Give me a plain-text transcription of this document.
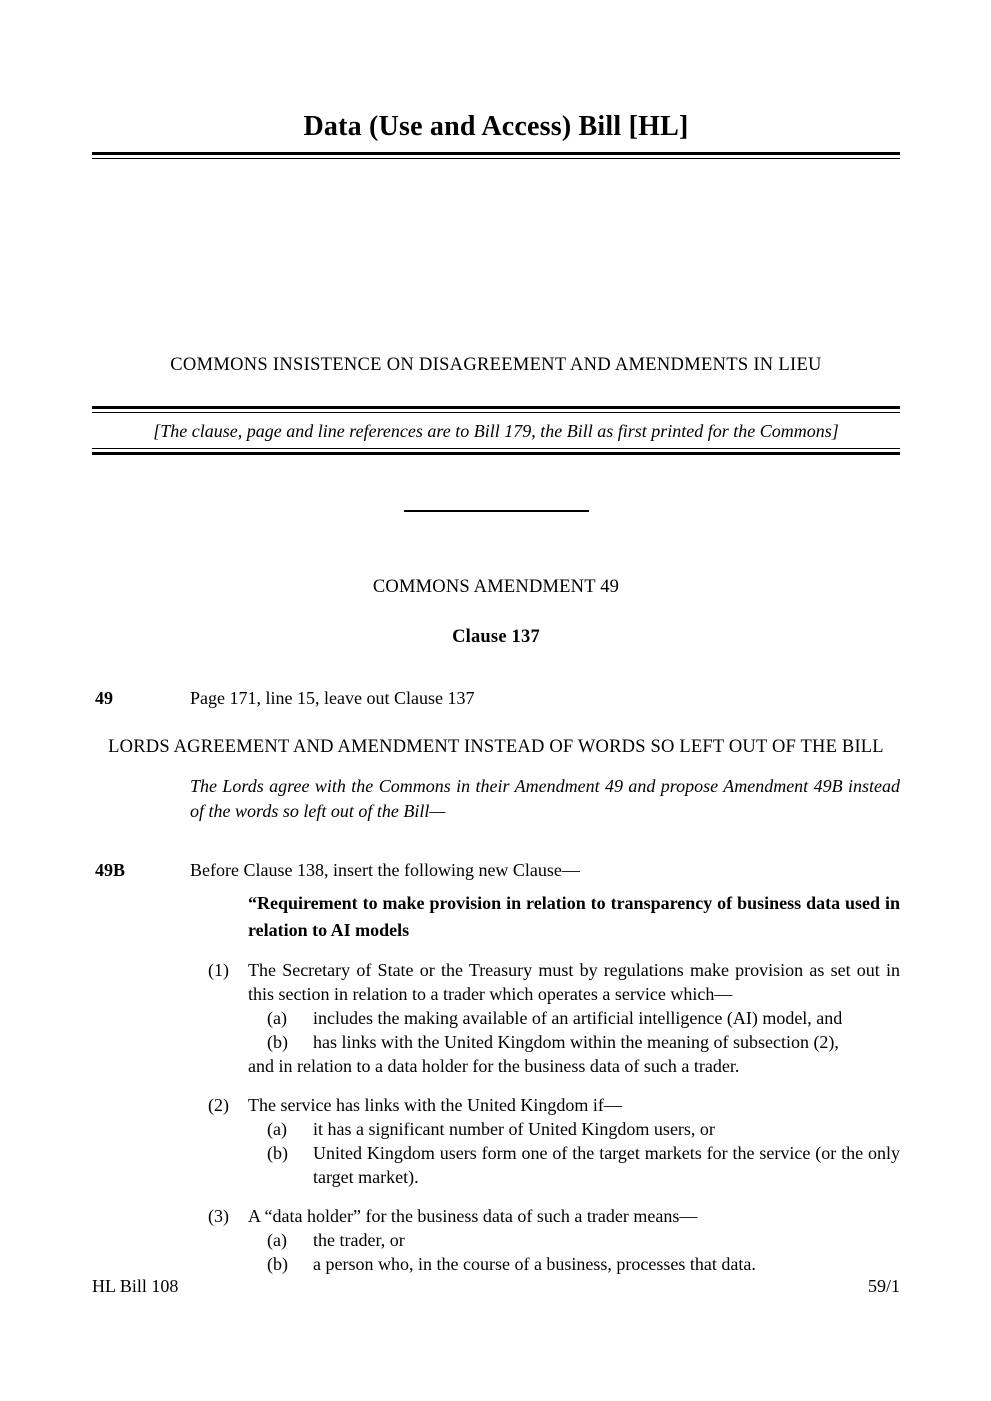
Data (Use and Access) Bill [HL]
COMMONS INSISTENCE ON DISAGREEMENT AND AMENDMENTS IN LIEU
[The clause, page and line references are to Bill 179, the Bill as first printed for the Commons]
COMMONS AMENDMENT 49
Clause 137
49	Page 171, line 15, leave out Clause 137
LORDS AGREEMENT AND AMENDMENT INSTEAD OF WORDS SO LEFT OUT OF THE BILL
The Lords agree with the Commons in their Amendment 49 and propose Amendment 49B instead of the words so left out of the Bill—
49B	Before Clause 138, insert the following new Clause—
“Requirement to make provision in relation to transparency of business data used in relation to AI models
(1)	The Secretary of State or the Treasury must by regulations make provision as set out in this section in relation to a trader which operates a service which—
(a)	includes the making available of an artificial intelligence (AI) model, and
(b)	has links with the United Kingdom within the meaning of subsection (2),
and in relation to a data holder for the business data of such a trader.
(2)	The service has links with the United Kingdom if—
(a)	it has a significant number of United Kingdom users, or
(b)	United Kingdom users form one of the target markets for the service (or the only target market).
(3)	A “data holder” for the business data of such a trader means—
(a)	the trader, or
(b)	a person who, in the course of a business, processes that data.
HL Bill 108	59/1
